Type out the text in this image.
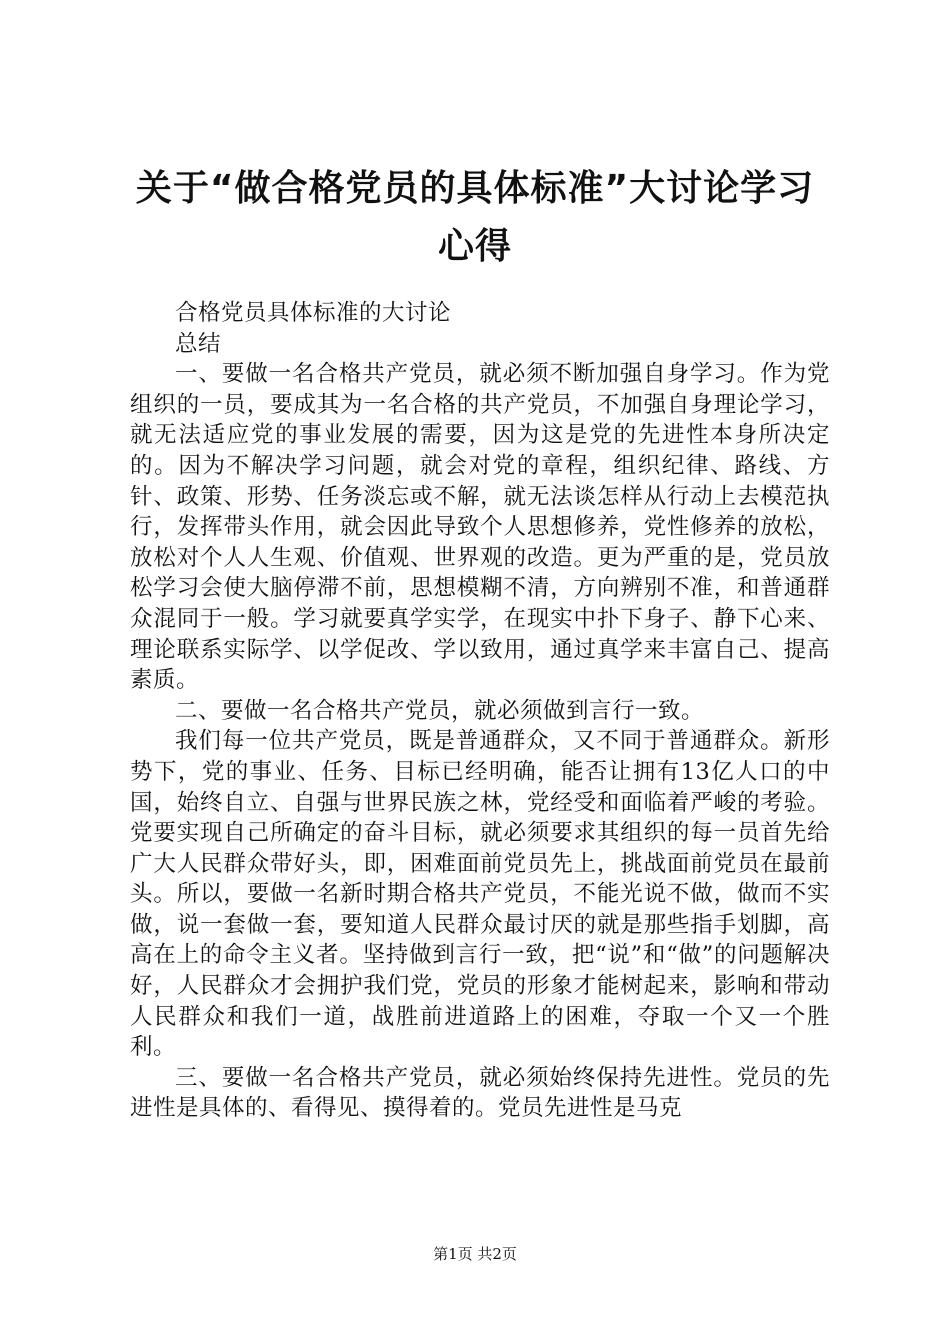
关于“做合格党员的具体标准”大讨论学习心得

合格党员具体标准的大讨论

总结

一、要做一名合格共产党员，就必须不断加强自身学习。作为党组织的一员，要成其为一名合格的共产党员，不加强自身理论学习，就无法适应党的事业发展的需要，因为这是党的先进性本身所决定的。因为不解决学习问题，就会对党的章程，组织纪律、路线、方针、政策、形势、任务淡忘或不解，就无法谈怎样从行动上去模范执行，发挥带头作用，就会因此导致个人思想修养，党性修养的放松，放松对个人人生观、价值观、世界观的改造。更为严重的是，党员放松学习会使大脑停滞不前，思想模糊不清，方向辨别不准，和普通群众混同于一般。学习就要真学实学，在现实中扑下身子、静下心来、理论联系实际学、以学促改、学以致用，通过真学来丰富自己、提高素质。

二、要做一名合格共产党员，就必须做到言行一致。

我们每一位共产党员，既是普通群众，又不同于普通群众。新形势下，党的事业、任务、目标已经明确，能否让拥有13亿人口的中国，始终自立、自强与世界民族之林，党经受和面临着严峻的考验。党要实现自己所确定的奋斗目标，就必须要求其组织的每一员首先给广大人民群众带好头，即，困难面前党员先上，挑战面前党员在最前头。所以，要做一名新时期合格共产党员，不能光说不做，做而不实做，说一套做一套，要知道人民群众最讨厌的就是那些指手划脚，高高在上的命令主义者。坚持做到言行一致，把“说”和“做”的问题解决好，人民群众才会拥护我们党，党员的形象才能树起来，影响和带动人民群众和我们一道，战胜前进道路上的困难，夺取一个又一个胜利。

三、要做一名合格共产党员，就必须始终保持先进性。党员的先进性是具体的、看得见、摸得着的。党员先进性是马克

第1页 共2页
